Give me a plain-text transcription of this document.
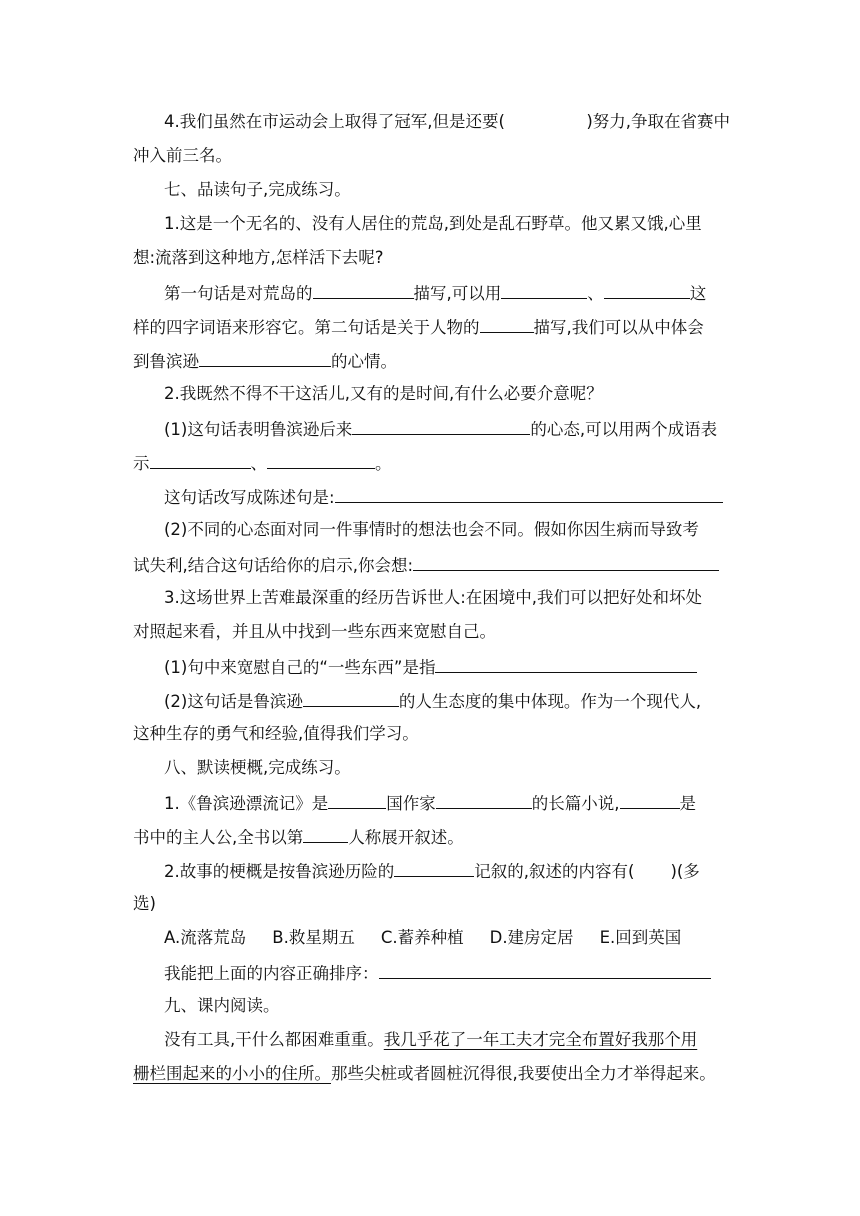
4.我们虽然在市运动会上取得了冠军,但是还要(	)努力,争取在省赛中
冲入前三名。
七、品读句子,完成练习。
1.这是一个无名的、没有人居住的荒岛,到处是乱石野草。他又累又饿,心里
想:流落到这种地方,怎样活下去呢?
第一句话是对荒岛的	描写,可以用	、	这
样的四字词语来形容它。第二句话是关于人物的	描写,我们可以从中体会
到鲁滨逊	的心情。
2.我既然不得不干这活儿,又有的是时间,有什么必要介意呢？
(1)这句话表明鲁滨逊后来	的心态,可以用两个成语表
示	、	。
这句话改写成陈述句是:
(2)不同的心态面对同一件事情时的想法也会不同。假如你因生病而导致考
试失利,结合这句话给你的启示,你会想:
3.这场世界上苦难最深重的经历告诉世人:在困境中,我们可以把好处和坏处
对照起来看，并且从中找到一些东西来宽慰自己。
(1)句中来宽慰自己的“一些东西”是指
(2)这句话是鲁滨逊	的人生态度的集中体现。作为一个现代人,
这种生存的勇气和经验,值得我们学习。
八、默读梗概,完成练习。
1.《鲁滨逊漂流记》是	国作家	的长篇小说,	是
书中的主人公,全书以第	人称展开叙述。
2.故事的梗概是按鲁滨逊历险的	记叙的,叙述的内容有( )(多
选)
A.流落荒岛 B.救星期五 C.蓄养种植 D.建房定居 E.回到英国
我能把上面的内容正确排序：
九、课内阅读。
没有工具,干什么都困难重重。我几乎花了一年工夫才完全布置好我那个用
栅栏围起来的小小的住所。那些尖桩或者圆桩沉得很,我要使出全力才举得起来。
